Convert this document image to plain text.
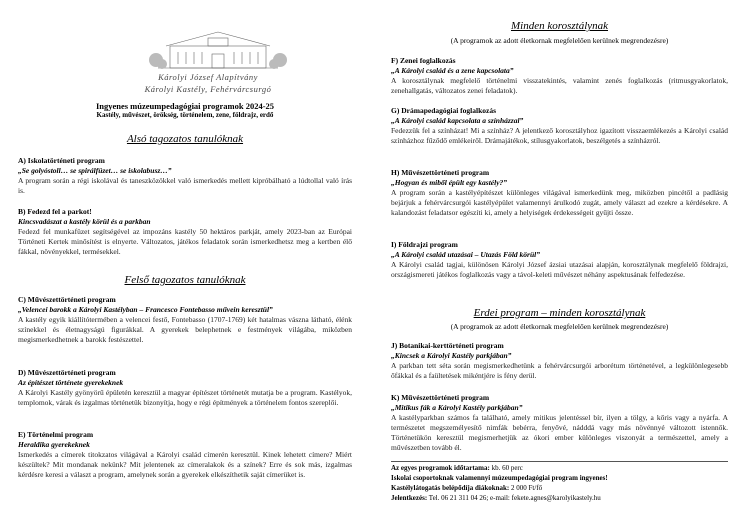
Károlyi József Alapítvány
Károlyi Kastély, Fehérvárcsurgó
Ingyenes múzeumpedagógiai programok 2024-25
Kastély, művészet, örökség, történelem, zene, földrajz, erdő
Alsó tagozatos tanulóknak

A) Iskolatörténeti program

„Se golyóstoll… se spirálfüzet… se iskolabusz…”

A program során a régi iskolával és taneszközökkel való ismerkedés mellett kipróbálható a lúdtollal való írás is.

B) Fedezd fel a parkot!

Kincsvadászat a kastély körül és a parkban

Fedezd fel munkafüzet segítségével az impozáns kastély 50 hektáros parkját, amely 2023-ban az Európai Történeti Kertek minősítést is elnyerte. Változatos, játékos feladatok során ismerkedhetsz meg a kertben élő fákkal, növényekkel, termésekkel.

Felső tagozatos tanulóknak

C) Művészettörténeti program

„Velencei barokk a Károlyi Kastélyban – Francesco Fontebasso művein keresztül”

A kastély egyik kiállítótermében a velencei festő, Fontebasso (1707-1769) két hatalmas vászna látható, élénk színekkel és életnagyságú figurákkal. A gyerekek belephetnek e festmények világába, miközben megismerkedhetnek a barokk festészettel.

D) Művészettörténeti program

Az építészet története gyerekeknek

A Károlyi Kastély gyönyörű épületén keresztül a magyar építészet történetét mutatja be a program. Kastélyok, templomok, várak és izgalmas történetük bizonyítja, hogy e régi építmények a történelem fontos szereplői.

E) Történelmi program

Heraldika gyerekeknek

Ismerkedés a címerek titokzatos világával a Károlyi család címerén keresztül. Kinek lehetett címere? Miért készültek? Mit mondanak nekünk? Mit jelentenek az címeralakok és a színek? Erre és sok más, izgalmas kérdésre keresi a választ a program, amelynek során a gyerekek elkészíthetik saját címerüket is.

Minden korosztálynak
(A programok az adott életkornak megfelelően kerülnek megrendezésre)

F) Zenei foglalkozás

„A Károlyi család és a zene kapcsolata”

A korosztálynak megfelelő történelmi visszatekintés, valamint zenés foglalkozás (ritmusgyakorlatok, zenehallgatás, változatos zenei feladatok).

G) Drámapedagógiai foglalkozás

„A Károlyi család kapcsolata a színházzal”

Fedezzük fel a színházat! Mi a színház? A jelentkező korosztályhoz igazított visszaemlékezés a Károlyi család színházhoz fűződő emlékeiről. Drámajátékok, stílusgyakorlatok, beszélgetés a színházról.

H) Művészettörténeti program

„Hogyan és miből épült egy kastély?”

A program során a kastélyépítészet különleges világával ismerkedünk meg, miközben pincétől a padlásig bejárjuk a fehérvárcsurgói kastélyépület valamennyi árulkodó zugát, amely választ ad ezekre a kérdésekre. A kalandozást feladatsor egészíti ki, amely a helyiségek érdekességeit gyűjti össze.

I) Földrajzi program

„A Károlyi család utazásai – Utazás Föld körül”

A Károlyi család tagjai, különösen Károlyi József ázsiai utazásai alapján, korosztálynak megfelelő földrajzi, országismereti játékos foglalkozás vagy a távol-keleti művészet néhány aspektusának felfedezése.

Erdei program – minden korosztálynak
(A programok az adott életkornak megfelelően kerülnek megrendezésre)

J) Botanikai-kerttörténeti program

„Kincsek a Károlyi Kastély parkjában”

A parkban tett séta során megismerkedhetünk a fehérvárcsurgói arborétum történetével, a legkülönlegesebb őfákkal és a faültetések mikéntjére is fény derül.

K) Művészettörténeti program

„Mitikus fák a Károlyi Kastély parkjában”

A kastélyparkban számos fa található, amely mitikus jelentéssel bír, ilyen a tölgy, a kőris vagy a nyárfa. A természetet megszemélyesítő nimfák bebérra, fenyővé, nádddá vagy más növénnyé változott istennők. Történetükön keresztül megismerhetjük az ókori ember különleges viszonyát a természettel, amely a művészetben tovább él.

Az egyes programok időtartama: kb. 60 perc

Iskolai csoportoknak valamennyi múzeumpedagógiai program ingyenes!

Kastélylátogatás belépődíja diákoknak: 2 000 Ft/fő

Jelentkezés: Tel. 06 21 311 04 26; e-mail: fekete.agnes@karolyikastely.hu
